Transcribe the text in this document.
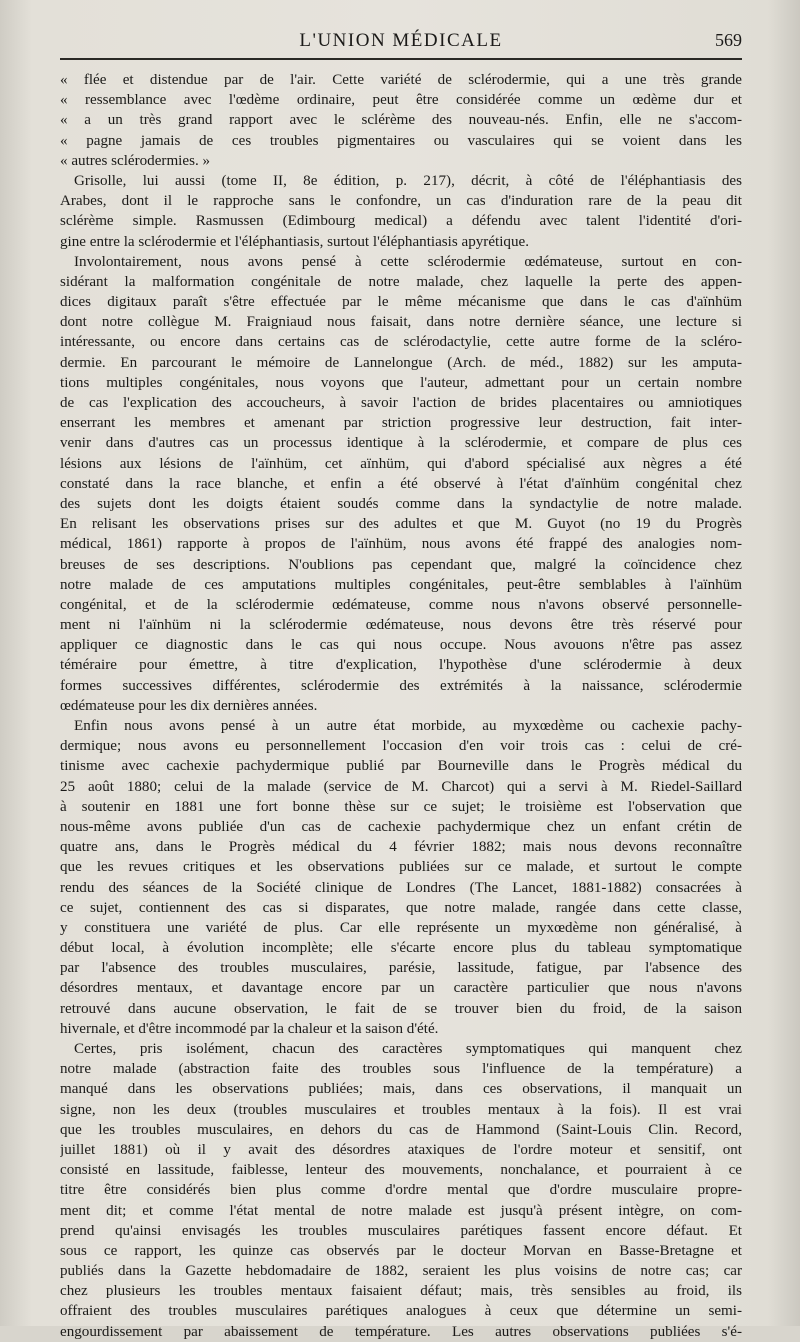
L'UNION MÉDICALE	569
« flée et distendue par de l'air. Cette variété de sclérodermie, qui a une très grande
« ressemblance avec l'œdème ordinaire, peut être considérée comme un œdème dur et
« a un très grand rapport avec le sclérème des nouveau-nés. Enfin, elle ne s'accom-
« pagne jamais de ces troubles pigmentaires ou vasculaires qui se voient dans les
« autres sclérodermies. »
Grisolle, lui aussi (tome II, 8e édition, p. 217), décrit, à côté de l'éléphantiasis des
Arabes, dont il le rapproche sans le confondre, un cas d'induration rare de la peau dit
sclérème simple. Rasmussen (Edimbourg medical) a défendu avec talent l'identité d'ori-
gine entre la sclérodermie et l'éléphantiasis, surtout l'éléphantiasis apyrétique.
Involontairement, nous avons pensé à cette sclérodermie œdémateuse, surtout en con-
sidérant la malformation congénitale de notre malade, chez laquelle la perte des appen-
dices digitaux paraît s'être effectuée par le même mécanisme que dans le cas d'aïnhüm
dont notre collègue M. Fraigniaud nous faisait, dans notre dernière séance, une lecture si
intéressante, ou encore dans certains cas de sclérodactylie, cette autre forme de la scléro-
dermie. En parcourant le mémoire de Lannelongue (Arch. de méd., 1882) sur les amputa-
tions multiples congénitales, nous voyons que l'auteur, admettant pour un certain nombre
de cas l'explication des accoucheurs, à savoir l'action de brides placentaires ou amniotiques
enserrant les membres et amenant par striction progressive leur destruction, fait inter-
venir dans d'autres cas un processus identique à la sclérodermie, et compare de plus ces
lésions aux lésions de l'aïnhüm, cet aïnhüm, qui d'abord spécialisé aux nègres a été
constaté dans la race blanche, et enfin a été observé à l'état d'aïnhüm congénital chez
des sujets dont les doigts étaient soudés comme dans la syndactylie de notre malade.
En relisant les observations prises sur des adultes et que M. Guyot (no 19 du Progrès
médical, 1861) rapporte à propos de l'aïnhüm, nous avons été frappé des analogies nom-
breuses de ses descriptions. N'oublions pas cependant que, malgré la coïncidence chez
notre malade de ces amputations multiples congénitales, peut-être semblables à l'aïnhüm
congénital, et de la sclérodermie œdémateuse, comme nous n'avons observé personnelle-
ment ni l'aïnhüm ni la sclérodermie œdémateuse, nous devons être très réservé pour
appliquer ce diagnostic dans le cas qui nous occupe. Nous avouons n'être pas assez
téméraire pour émettre, à titre d'explication, l'hypothèse d'une sclérodermie à deux
formes successives différentes, sclérodermie des extrémités à la naissance, sclérodermie
œdémateuse pour les dix dernières années.
Enfin nous avons pensé à un autre état morbide, au myxœdème ou cachexie pachy-
dermique; nous avons eu personnellement l'occasion d'en voir trois cas : celui de cré-
tinisme avec cachexie pachydermique publié par Bourneville dans le Progrès médical du
25 août 1880; celui de la malade (service de M. Charcot) qui a servi à M. Riedel-Saillard
à soutenir en 1881 une fort bonne thèse sur ce sujet; le troisième est l'observation que
nous-même avons publiée d'un cas de cachexie pachydermique chez un enfant crétin de
quatre ans, dans le Progrès médical du 4 février 1882; mais nous devons reconnaître
que les revues critiques et les observations publiées sur ce malade, et surtout le compte
rendu des séances de la Société clinique de Londres (The Lancet, 1881-1882) consacrées à
ce sujet, contiennent des cas si disparates, que notre malade, rangée dans cette classe,
y constituera une variété de plus. Car elle représente un myxœdème non généralisé, à
début local, à évolution incomplète; elle s'écarte encore plus du tableau symptomatique
par l'absence des troubles musculaires, parésie, lassitude, fatigue, par l'absence des
désordres mentaux, et davantage encore par un caractère particulier que nous n'avons
retrouvé dans aucune observation, le fait de se trouver bien du froid, de la saison
hivernale, et d'être incommodé par la chaleur et la saison d'été.
Certes, pris isolément, chacun des caractères symptomatiques qui manquent chez
notre malade (abstraction faite des troubles sous l'influence de la température) a
manqué dans les observations publiées; mais, dans ces observations, il manquait un
signe, non les deux (troubles musculaires et troubles mentaux à la fois). Il est vrai
que les troubles musculaires, en dehors du cas de Hammond (Saint-Louis Clin. Record,
juillet 1881) où il y avait des désordres ataxiques de l'ordre moteur et sensitif, ont
consisté en lassitude, faiblesse, lenteur des mouvements, nonchalance, et pourraient à ce
titre être considérés bien plus comme d'ordre mental que d'ordre musculaire propre-
ment dit; et comme l'état mental de notre malade est jusqu'à présent intègre, on com-
prend qu'ainsi envisagés les troubles musculaires parétiques fassent encore défaut. Et
sous ce rapport, les quinze cas observés par le docteur Morvan en Basse-Bretagne et
publiés dans la Gazette hebdomadaire de 1882, seraient les plus voisins de notre cas; car
chez plusieurs les troubles mentaux faisaient défaut; mais, très sensibles au froid, ils
offraient des troubles musculaires parétiques analogues à ceux que détermine un semi-
engourdissement par abaissement de température. Les autres observations publiées s'é-
